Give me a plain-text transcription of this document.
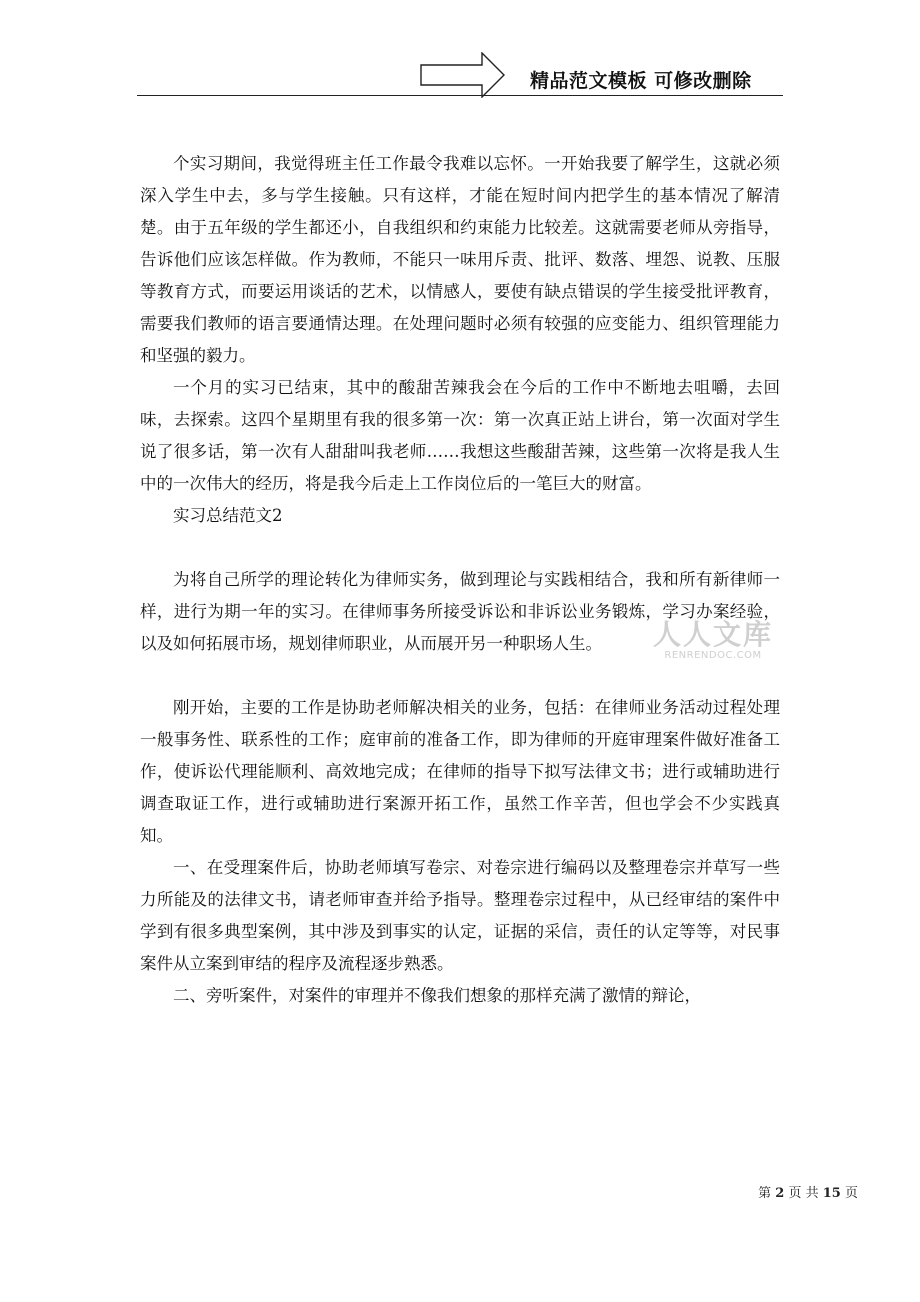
精品范文模板 可修改删除

个实习期间，我觉得班主任工作最令我难以忘怀。一开始我要了解学生，这就必须深入学生中去，多与学生接触。只有这样，才能在短时间内把学生的基本情况了解清楚。由于五年级的学生都还小，自我组织和约束能力比较差。这就需要老师从旁指导，告诉他们应该怎样做。作为教师，不能只一味用斥责、批评、数落、埋怨、说教、压服等教育方式，而要运用谈话的艺术，以情感人，要使有缺点错误的学生接受批评教育，需要我们教师的语言要通情达理。在处理问题时必须有较强的应变能力、组织管理能力和坚强的毅力。

一个月的实习已结束，其中的酸甜苦辣我会在今后的工作中不断地去咀嚼，去回味，去探索。这四个星期里有我的很多第一次：第一次真正站上讲台，第一次面对学生说了很多话，第一次有人甜甜叫我老师……我想这些酸甜苦辣，这些第一次将是我人生中的一次伟大的经历，将是我今后走上工作岗位后的一笔巨大的财富。

实习总结范文2

为将自己所学的理论转化为律师实务，做到理论与实践相结合，我和所有新律师一样，进行为期一年的实习。在律师事务所接受诉讼和非诉讼业务锻炼，学习办案经验，以及如何拓展市场，规划律师职业，从而展开另一种职场人生。

刚开始，主要的工作是协助老师解决相关的业务，包括：在律师业务活动过程处理一般事务性、联系性的工作；庭审前的准备工作，即为律师的开庭审理案件做好准备工作，使诉讼代理能顺利、高效地完成；在律师的指导下拟写法律文书；进行或辅助进行调查取证工作，进行或辅助进行案源开拓工作，虽然工作辛苦，但也学会不少实践真知。

一、在受理案件后，协助老师填写卷宗、对卷宗进行编码以及整理卷宗并草写一些力所能及的法律文书，请老师审查并给予指导。整理卷宗过程中，从已经审结的案件中学到有很多典型案例，其中涉及到事实的认定，证据的采信，责任的认定等等，对民事案件从立案到审结的程序及流程逐步熟悉。

二、旁听案件，对案件的审理并不像我们想象的那样充满了激情的辩论，

人人文库
RENRENDOC.COM
第 2 页 共 15 页
